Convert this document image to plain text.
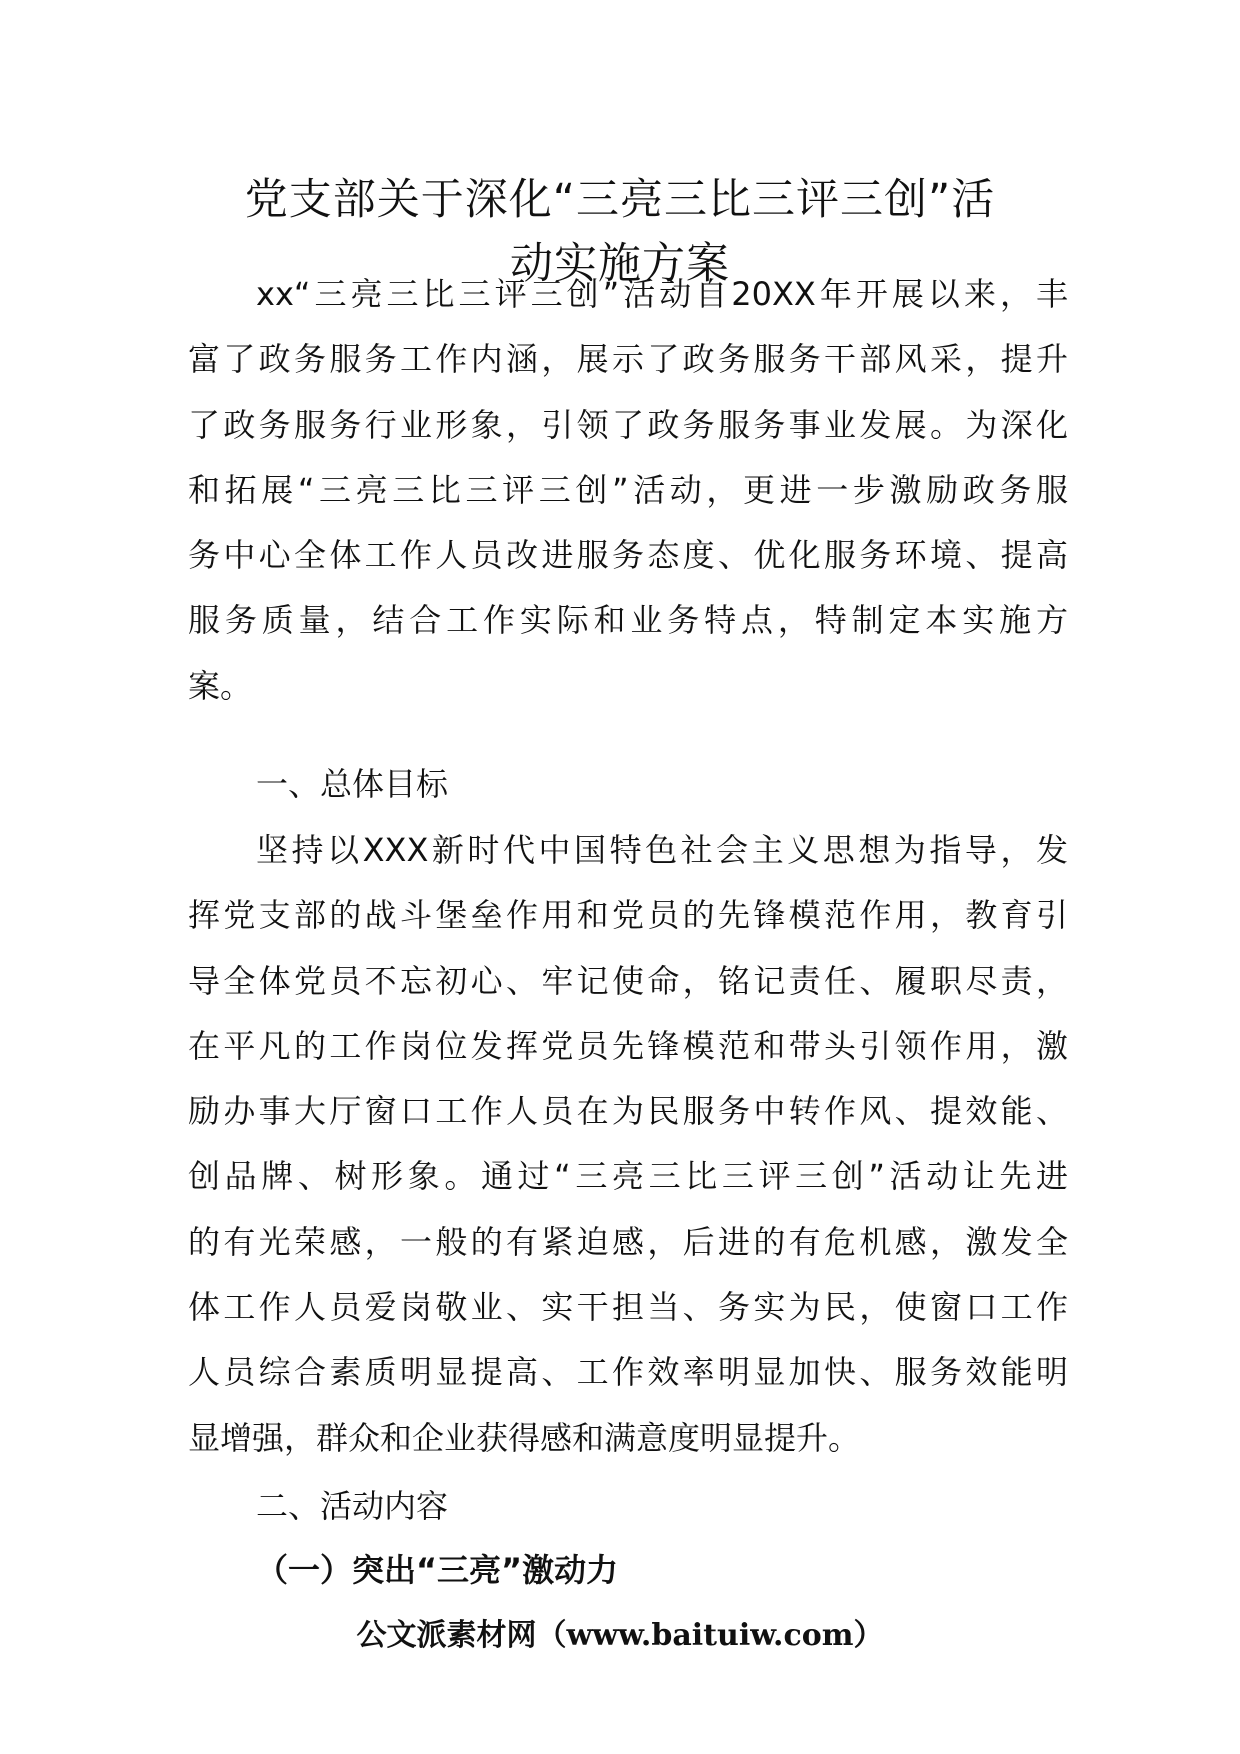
党支部关于深化“三亮三比三评三创”活
动实施方案
xx“三亮三比三评三创”活动自20XX年开展以来，丰
富了政务服务工作内涵，展示了政务服务干部风采，提升
了政务服务行业形象，引领了政务服务事业发展。为深化
和拓展“三亮三比三评三创”活动，更进一步激励政务服
务中心全体工作人员改进服务态度、优化服务环境、提高
服务质量，结合工作实际和业务特点，特制定本实施方
案。
一、总体目标
坚持以XXX新时代中国特色社会主义思想为指导，发
挥党支部的战斗堡垒作用和党员的先锋模范作用，教育引
导全体党员不忘初心、牢记使命，铭记责任、履职尽责，
在平凡的工作岗位发挥党员先锋模范和带头引领作用，激
励办事大厅窗口工作人员在为民服务中转作风、提效能、
创品牌、树形象。通过“三亮三比三评三创”活动让先进
的有光荣感，一般的有紧迫感，后进的有危机感，激发全
体工作人员爱岗敬业、实干担当、务实为民，使窗口工作
人员综合素质明显提高、工作效率明显加快、服务效能明
显增强，群众和企业获得感和满意度明显提升。
二、活动内容
（一）突出“三亮”激动力

公文派素材网（www.baituiw.com）
